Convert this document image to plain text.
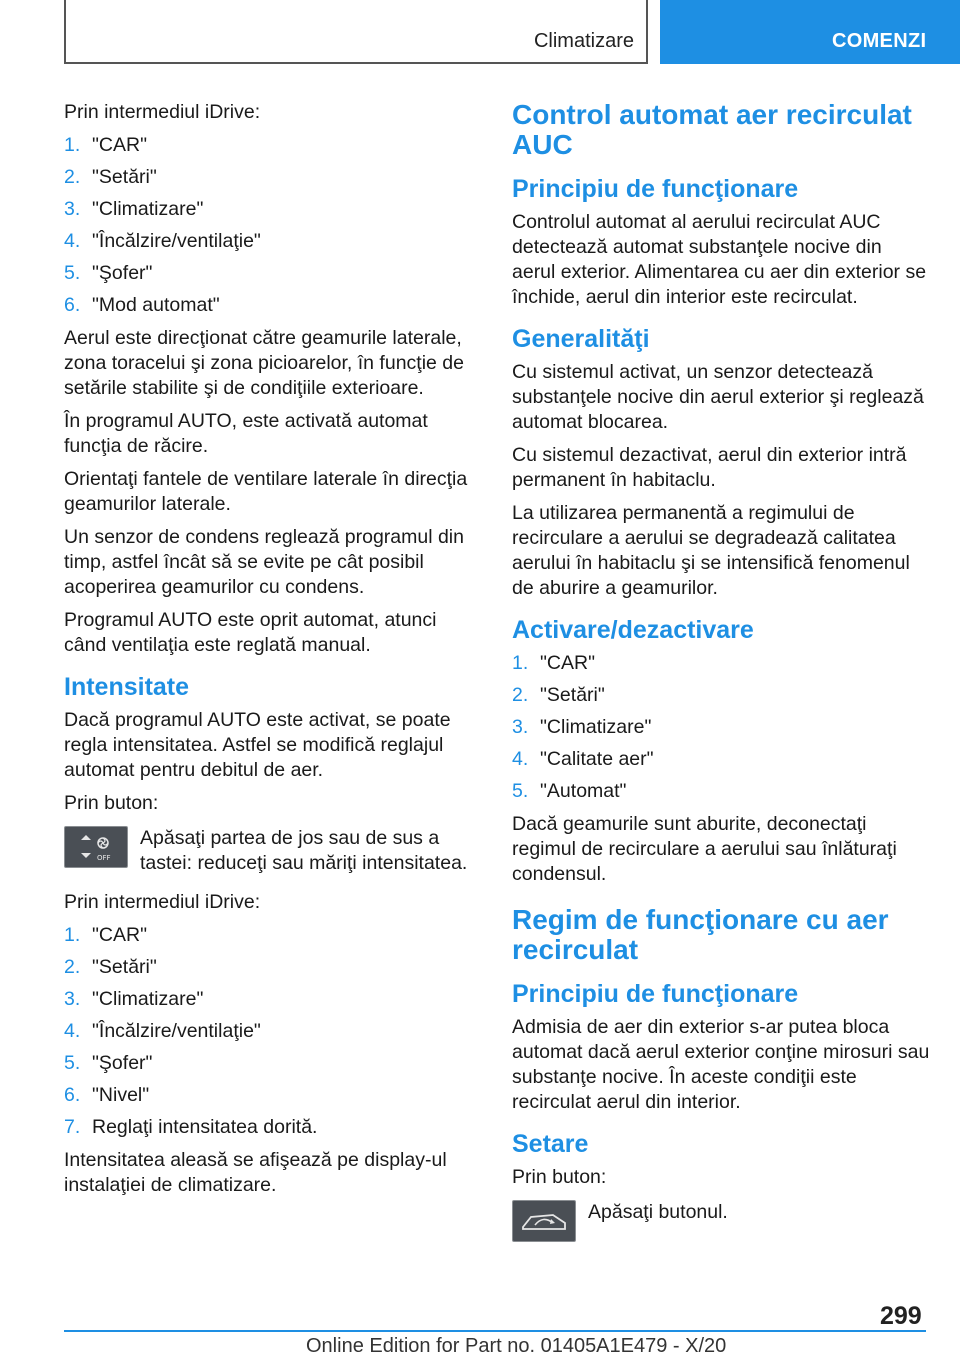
Climatizare	COMENZI

Prin intermediul iDrive:

1. "CAR"
2. "Setări"
3. "Climatizare"
4. "Încălzire/ventilaţie"
5. "Şofer"
6. "Mod automat"

Aerul este direcţionat către geamurile laterale, zona toracelui şi zona picioarelor, în funcţie de setările stabilite şi de condiţiile exterioare.

În programul AUTO, este activată automat funcţia de răcire.

Orientaţi fantele de ventilare laterale în direcţia geamurilor laterale.

Un senzor de condens reglează programul din timp, astfel încât să se evite pe cât posibil acoperirea geamurilor cu condens.

Programul AUTO este oprit automat, atunci când ventilaţia este reglată manual.

Intensitate

Dacă programul AUTO este activat, se poate regla intensitatea. Astfel se modifică reglajul automat pentru debitul de aer.

Prin buton:

OFF

Apăsaţi partea de jos sau de sus a tastei: reduceţi sau măriţi intensitatea.

Prin intermediul iDrive:

1. "CAR"
2. "Setări"
3. "Climatizare"
4. "Încălzire/ventilaţie"
5. "Şofer"
6. "Nivel"
7. Reglaţi intensitatea dorită.

Intensitatea aleasă se afişează pe display-ul instalaţiei de climatizare.

Control automat aer recirculat AUC
Principiu de funcţionare

Controlul automat al aerului recirculat AUC detectează automat substanţele nocive din aerul exterior. Alimentarea cu aer din exterior se închide, aerul din interior este recirculat.

Generalităţi

Cu sistemul activat, un senzor detectează substanţele nocive din aerul exterior şi reglează automat blocarea.

Cu sistemul dezactivat, aerul din exterior intră permanent în habitaclu.

La utilizarea permanentă a regimului de recirculare a aerului se degradează calitatea aerului în habitaclu şi se intensifică fenomenul de aburire a geamurilor.

Activare/dezactivare
1. "CAR"
2. "Setări"
3. "Climatizare"
4. "Calitate aer"
5. "Automat"

Dacă geamurile sunt aburite, deconectaţi regimul de recirculare a aerului sau înlăturaţi condensul.

Regim de funcţionare cu aer recirculat
Principiu de funcţionare

Admisia de aer din exterior s-ar putea bloca automat dacă aerul exterior conţine mirosuri sau substanţe nocive. În aceste condiţii este recirculat aerul din interior.

Setare

Prin buton:

Apăsaţi butonul.

299
Online Edition for Part no. 01405A1E479 - X/20
